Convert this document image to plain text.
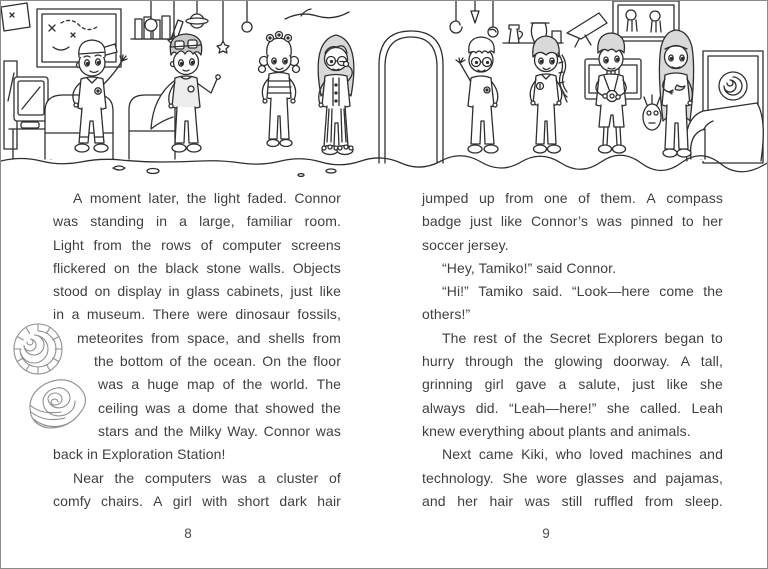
A moment later, the light faded. Connor
was standing in a large, familiar room.
Light from the rows of computer screens
flickered on the black stone walls. Objects
stood on display in glass cabinets, just like
in a museum. There were dinosaur fossils,
meteorites from space, and shells from
the bottom of the ocean. On the floor
was a huge map of the world. The
ceiling was a dome that showed the
stars and the Milky Way. Connor was
back in Exploration Station!
Near the computers was a cluster of
comfy chairs. A girl with short dark hair
jumped up from one of them. A compass
badge just like Connor’s was pinned to her
soccer jersey.
“Hey, Tamiko!” said Connor.
“Hi!” Tamiko said. “Look—here come the
others!”
The rest of the Secret Explorers began to
hurry through the glowing doorway. A tall,
grinning girl gave a salute, just like she
always did. “Leah—here!” she called. Leah
knew everything about plants and animals.
Next came Kiki, who loved machines and
technology. She wore glasses and pajamas,
and her hair was still ruffled from sleep.
8	9
